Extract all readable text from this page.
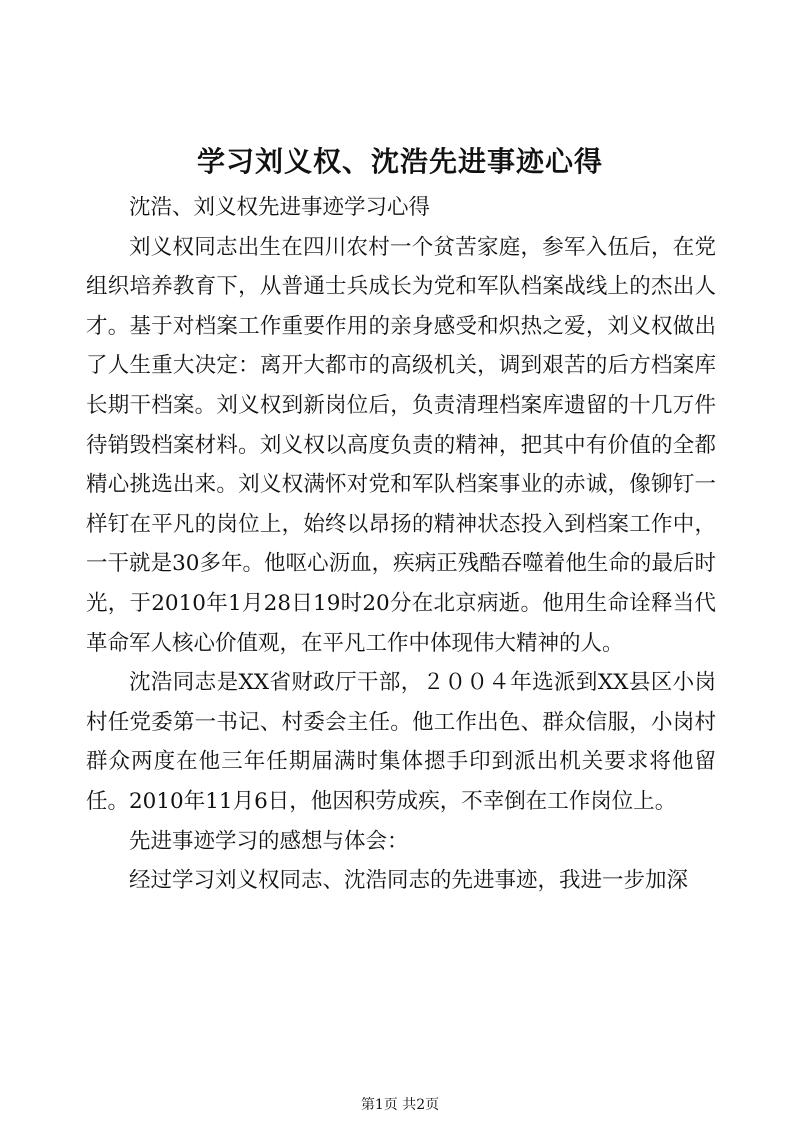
学习刘义权、沈浩先进事迹心得

沈浩、刘义权先进事迹学习心得

刘义权同志出生在四川农村一个贫苦家庭，参军入伍后，在党组织培养教育下，从普通士兵成长为党和军队档案战线上的杰出人才。基于对档案工作重要作用的亲身感受和炽热之爱，刘义权做出了人生重大决定：离开大都市的高级机关，调到艰苦的后方档案库长期干档案。刘义权到新岗位后，负责清理档案库遗留的十几万件待销毁档案材料。刘义权以高度负责的精神，把其中有价值的全都精心挑选出来。刘义权满怀对党和军队档案事业的赤诚，像铆钉一样钉在平凡的岗位上，始终以昂扬的精神状态投入到档案工作中，一干就是30多年。他呕心沥血，疾病正残酷吞噬着他生命的最后时光，于2010年1月28日19时20分在北京病逝。他用生命诠释当代革命军人核心价值观，在平凡工作中体现伟大精神的人。

沈浩同志是XX省财政厅干部，２００４年选派到XX县区小岗村任党委第一书记、村委会主任。他工作出色、群众信服，小岗村群众两度在他三年任期届满时集体摁手印到派出机关要求将他留任。2010年11月6日，他因积劳成疾，不幸倒在工作岗位上。

先进事迹学习的感想与体会：

经过学习刘义权同志、沈浩同志的先进事迹，我进一步加深

第1页 共2页
